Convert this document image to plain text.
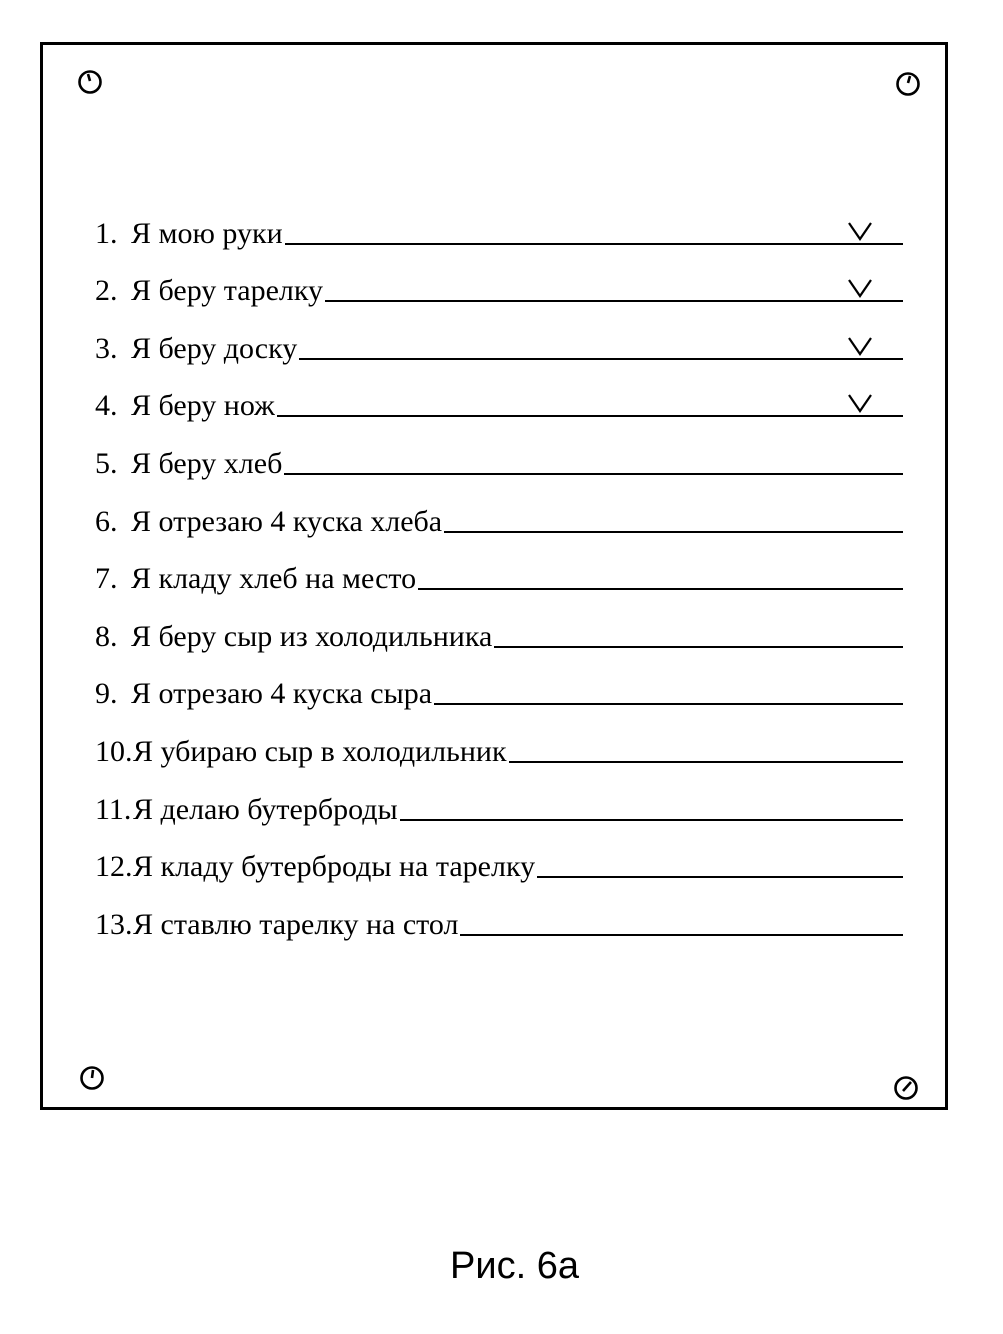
1.Я мою руки
2.Я беру тарелку
3.Я беру доску
4.Я беру нож
5.Я беру хлеб
6.Я отрезаю 4 куска хлеба
7.Я кладу хлеб на место
8.Я беру сыр из холодильника
9.Я отрезаю 4 куска сыра
10.Я убираю сыр в холодильник
11.Я делаю бутерброды
12.Я кладу бутерброды на тарелку
13.Я ставлю тарелку на стол
Рис. 6а
